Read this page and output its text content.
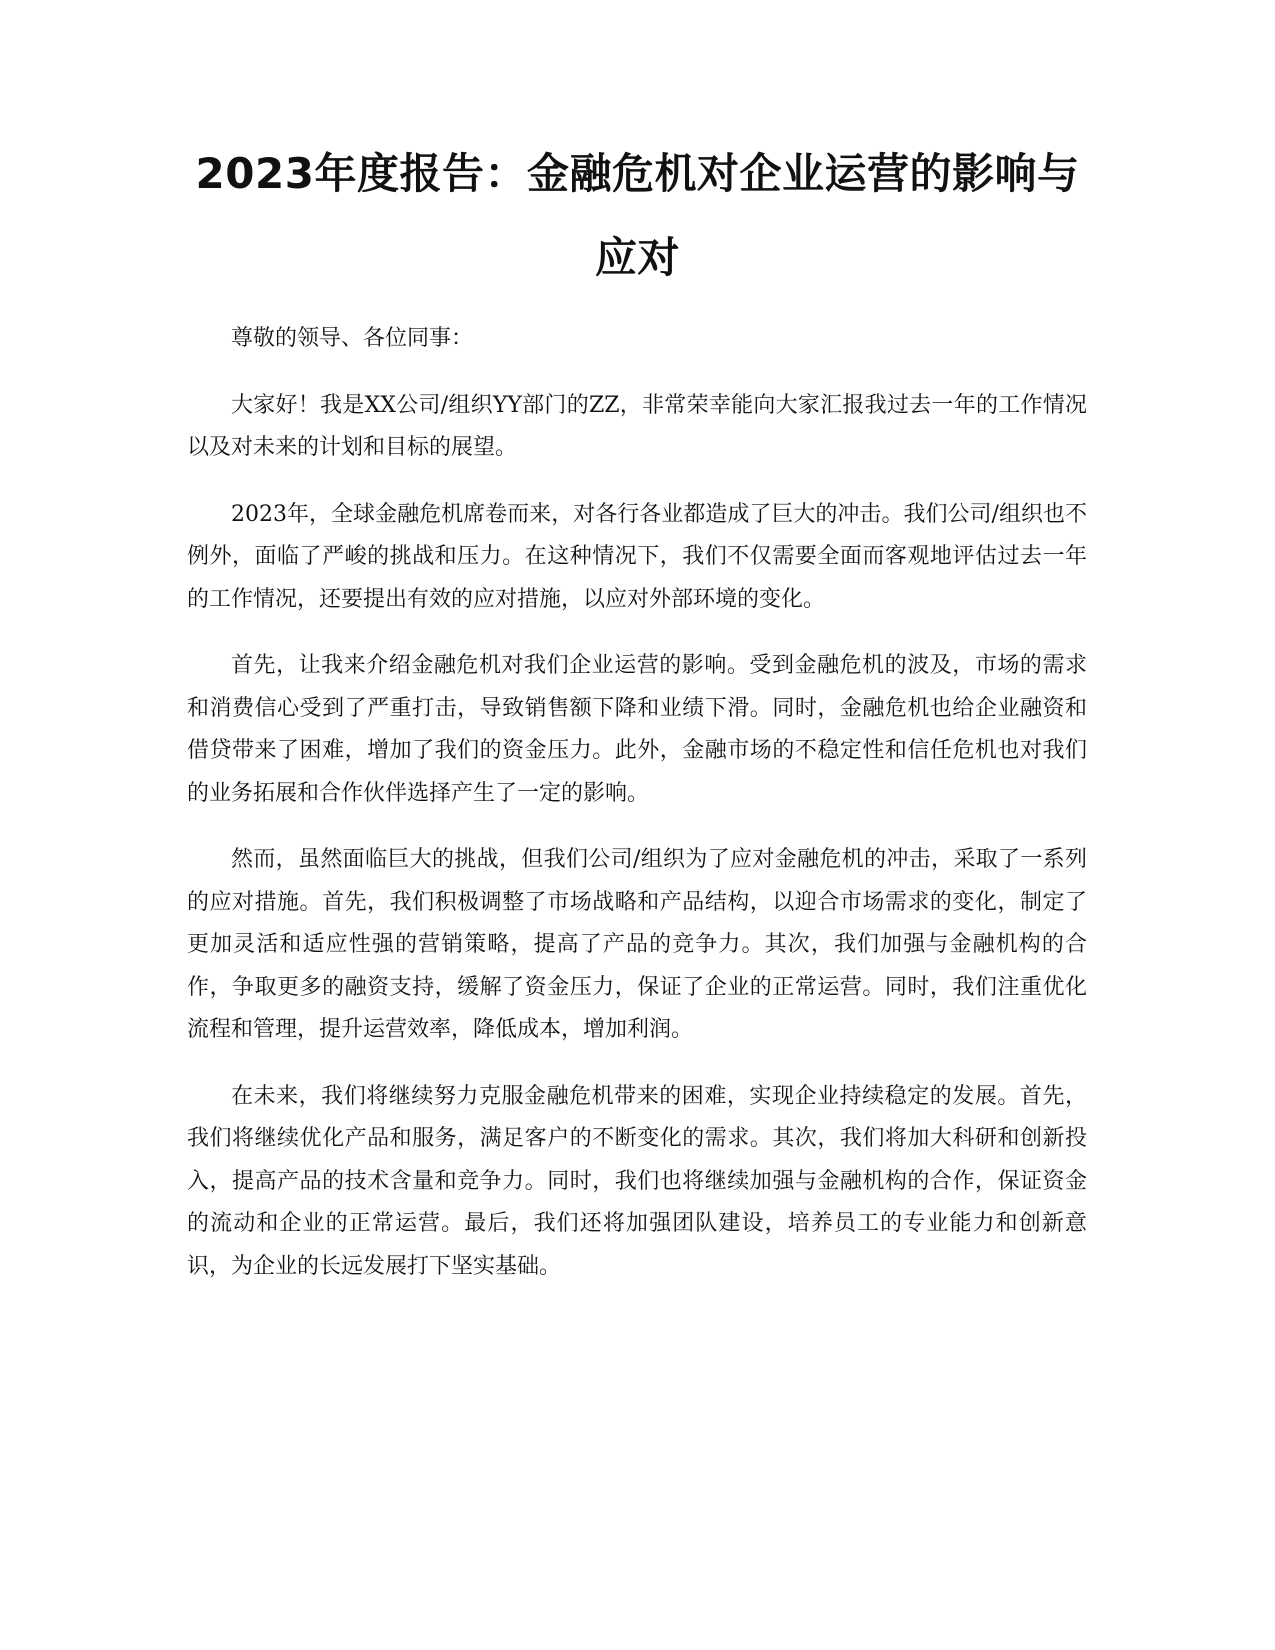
2023年度报告：金融危机对企业运营的影响与应对

尊敬的领导、各位同事：

大家好！我是XX公司/组织YY部门的ZZ，非常荣幸能向大家汇报我过去一年的工作情况以及对未来的计划和目标的展望。

2023年，全球金融危机席卷而来，对各行各业都造成了巨大的冲击。我们公司/组织也不例外，面临了严峻的挑战和压力。在这种情况下，我们不仅需要全面而客观地评估过去一年的工作情况，还要提出有效的应对措施，以应对外部环境的变化。

首先，让我来介绍金融危机对我们企业运营的影响。受到金融危机的波及，市场的需求和消费信心受到了严重打击，导致销售额下降和业绩下滑。同时，金融危机也给企业融资和借贷带来了困难，增加了我们的资金压力。此外，金融市场的不稳定性和信任危机也对我们的业务拓展和合作伙伴选择产生了一定的影响。

然而，虽然面临巨大的挑战，但我们公司/组织为了应对金融危机的冲击，采取了一系列的应对措施。首先，我们积极调整了市场战略和产品结构，以迎合市场需求的变化，制定了更加灵活和适应性强的营销策略，提高了产品的竞争力。其次，我们加强与金融机构的合作，争取更多的融资支持，缓解了资金压力，保证了企业的正常运营。同时，我们注重优化流程和管理，提升运营效率，降低成本，增加利润。

在未来，我们将继续努力克服金融危机带来的困难，实现企业持续稳定的发展。首先，我们将继续优化产品和服务，满足客户的不断变化的需求。其次，我们将加大科研和创新投入，提高产品的技术含量和竞争力。同时，我们也将继续加强与金融机构的合作，保证资金的流动和企业的正常运营。最后，我们还将加强团队建设，培养员工的专业能力和创新意识，为企业的长远发展打下坚实基础。
